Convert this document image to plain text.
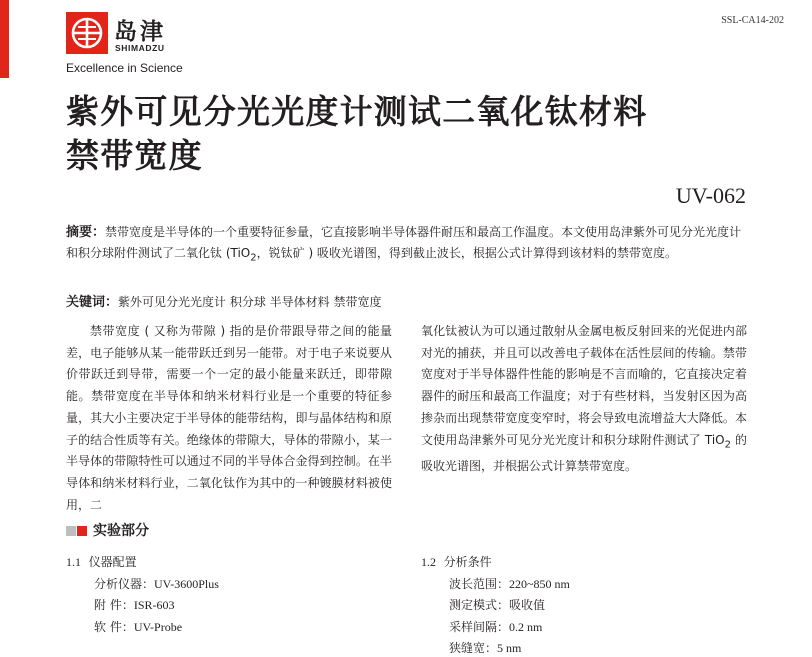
岛津
SHIMADZU
Excellence in Science
SSL-CA14-202
紫外可见分光光度计测试二氧化钛材料
禁带宽度
UV-062

摘要：禁带宽度是半导体的一个重要特征参量，它直接影响半导体器件耐压和最高工作温度。本文使用岛津紫外可见分光光度计和积分球附件测试了二氧化钛 (TiO$_2$，锐钛矿 ) 吸收光谱图，得到截止波长，根据公式计算得到该材料的禁带宽度。

关键词：紫外可见分光光度计 积分球 半导体材料 禁带宽度

禁带宽度 ( 又称为带隙 ) 指的是价带跟导带之间的能量差，电子能够从某一能带跃迁到另一能带。对于电子来说要从价带跃迁到导带，需要一个一定的最小能量来跃迁，即带隙能。禁带宽度在半导体和纳米材料行业是一个重要的特征参量，其大小主要决定于半导体的能带结构，即与晶体结构和原子的结合性质等有关。绝缘体的带隙大，导体的带隙小，某一半导体的带隙特性可以通过不同的半导体合金得到控制。在半导体和纳米材料行业，二氧化钛作为其中的一种镀膜材料被使用，二

氧化钛被认为可以通过散射从金属电板反射回来的光促进内部对光的捕获，并且可以改善电子载体在活性层间的传输。禁带宽度对于半导体器件性能的影响是不言而喻的，它直接决定着器件的耐压和最高工作温度；对于有些材料，当发射区因为高掺杂而出现禁带宽度变窄时，将会导致电流增益大大降低。本文使用岛津紫外可见分光光度计和积分球附件测试了 TiO$_2$ 的吸收光谱图，并根据公式计算禁带宽度。

实验部分
1.1 仪器配置
分析仪器：UV-3600Plus
附 件：ISR-603
软 件：UV-Probe
1.2 分析条件
波长范围：220~850 nm
测定模式：吸收值
采样间隔：0.2 nm
狭缝宽：5 nm
